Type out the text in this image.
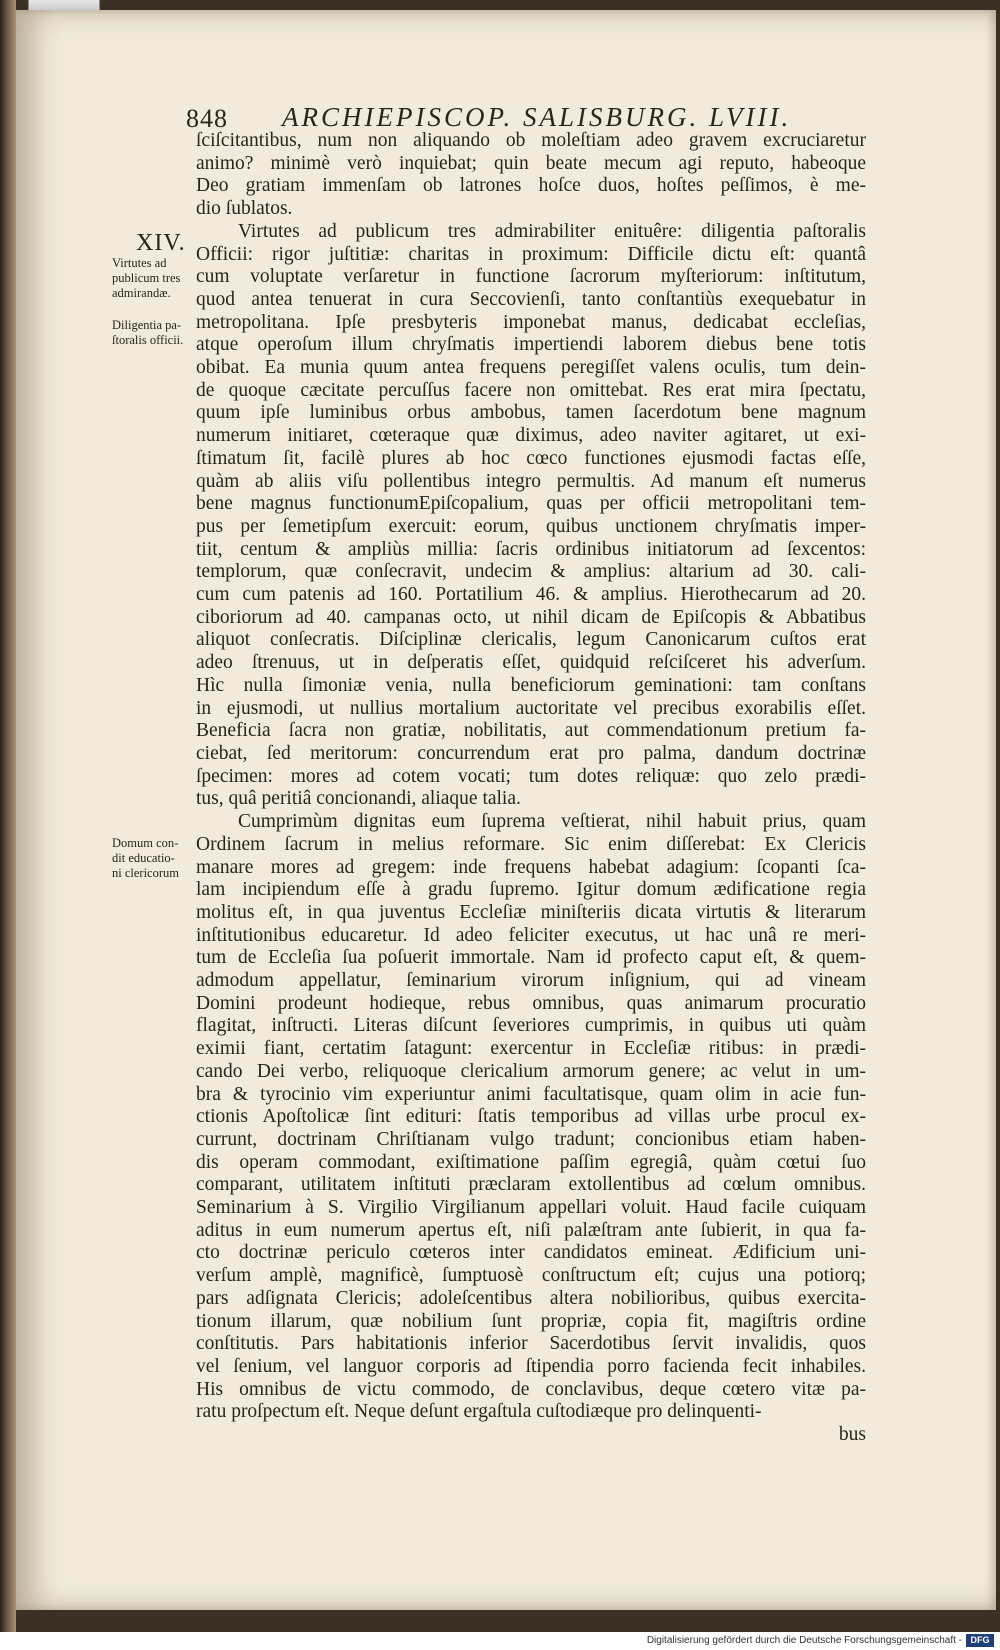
848 ARCHIEPISCOP. SALISBURG. LVIII.
XIV.
Virtutes ad
publicum tres
admirandæ.
Diligentia pa-
ſtoralis officii.
Domum con-
dit educatio-
ni clericorum
ſciſcitantibus, num non aliquando ob moleſtiam adeo gravem excruciaretur
animo? minimè verò inquiebat; quin beate mecum agi reputo, habeoque
Deo gratiam immenſam ob latrones hoſce duos, hoſtes peſſimos, è me-
dio ſublatos.
Virtutes ad publicum tres admirabiliter enituêre: diligentia paſtoralis
Officii: rigor juſtitiæ: charitas in proximum: Difficile dictu eſt: quantâ
cum voluptate verſaretur in functione ſacrorum myſteriorum: inſtitutum,
quod antea tenuerat in cura Seccovienſi, tanto conſtantiùs exequebatur in
metropolitana. Ipſe presbyteris imponebat manus, dedicabat eccleſias,
atque operoſum illum chryſmatis impertiendi laborem diebus bene totis
obibat. Ea munia quum antea frequens peregiſſet valens oculis, tum dein-
de quoque cæcitate percuſſus facere non omittebat. Res erat mira ſpectatu,
quum ipſe luminibus orbus ambobus, tamen ſacerdotum bene magnum
numerum initiaret, cœteraque quæ diximus, adeo naviter agitaret, ut exi-
ſtimatum ſit, facilè plures ab hoc cœco functiones ejusmodi factas eſſe,
quàm ab aliis viſu pollentibus integro permultis. Ad manum eſt numerus
bene magnus functionumEpiſcopalium, quas per officii metropolitani tem-
pus per ſemetipſum exercuit: eorum, quibus unctionem chryſmatis imper-
tiit, centum & ampliùs millia: ſacris ordinibus initiatorum ad ſexcentos:
templorum, quæ conſecravit, undecim & amplius: altarium ad 30. cali-
cum cum patenis ad 160. Portatilium 46. & amplius. Hierothecarum ad 20.
ciboriorum ad 40. campanas octo, ut nihil dicam de Epiſcopis & Abbatibus
aliquot conſecratis. Diſciplinæ clericalis, legum Canonicarum cuſtos erat
adeo ſtrenuus, ut in deſperatis eſſet, quidquid reſciſceret his adverſum.
Hìc nulla ſimoniæ venia, nulla beneficiorum geminationi: tam conſtans
in ejusmodi, ut nullius mortalium auctoritate vel precibus exorabilis eſſet.
Beneficia ſacra non gratiæ, nobilitatis, aut commendationum pretium fa-
ciebat, ſed meritorum: concurrendum erat pro palma, dandum doctrinæ
ſpecimen: mores ad cotem vocati; tum dotes reliquæ: quo zelo prædi-
tus, quâ peritiâ concionandi, aliaque talia.
Cumprimùm dignitas eum ſuprema veſtierat, nihil habuit prius, quam
Ordinem ſacrum in melius reformare. Sic enim diſſerebat: Ex Clericis
manare mores ad gregem: inde frequens habebat adagium: ſcopanti ſca-
lam incipiendum eſſe à gradu ſupremo. Igitur domum ædificatione regia
molitus eſt, in qua juventus Eccleſiæ miniſteriis dicata virtutis & literarum
inſtitutionibus educaretur. Id adeo feliciter executus, ut hac unâ re meri-
tum de Eccleſia ſua poſuerit immortale. Nam id profecto caput eſt, & quem-
admodum appellatur, ſeminarium virorum inſignium, qui ad vineam
Domini prodeunt hodieque, rebus omnibus, quas animarum procuratio
flagitat, inſtructi. Literas diſcunt ſeveriores cumprimis, in quibus uti quàm
eximii fiant, certatim ſatagunt: exercentur in Eccleſiæ ritibus: in prædi-
cando Dei verbo, reliquoque clericalium armorum genere; ac velut in um-
bra & tyrocinio vim experiuntur animi facultatisque, quam olim in acie fun-
ctionis Apoſtolicæ ſint edituri: ſtatis temporibus ad villas urbe procul ex-
currunt, doctrinam Chriſtianam vulgo tradunt; concionibus etiam haben-
dis operam commodant, exiſtimatione paſſim egregiâ, quàm cœtui ſuo
comparant, utilitatem inſtituti præclaram extollentibus ad cœlum omnibus.
Seminarium à S. Virgilio Virgilianum appellari voluit. Haud facile cuiquam
aditus in eum numerum apertus eſt, niſi palæſtram ante ſubierit, in qua fa-
cto doctrinæ periculo cœteros inter candidatos emineat. Ædificium uni-
verſum amplè, magnificè, ſumptuosè conſtructum eſt; cujus una potiorq;
pars adſignata Clericis; adoleſcentibus altera nobilioribus, quibus exercita-
tionum illarum, quæ nobilium ſunt propriæ, copia fit, magiſtris ordine
conſtitutis. Pars habitationis inferior Sacerdotibus ſervit invalidis, quos
vel ſenium, vel languor corporis ad ſtipendia porro facienda fecit inhabiles.
His omnibus de victu commodo, de conclavibus, deque cœtero vitæ pa-
ratu proſpectum eſt. Neque deſunt ergaſtula cuſtodiæque pro delinquenti-
bus
Digitalisierung gefördert durch die Deutsche Forschungsgemeinschaft - DFG
